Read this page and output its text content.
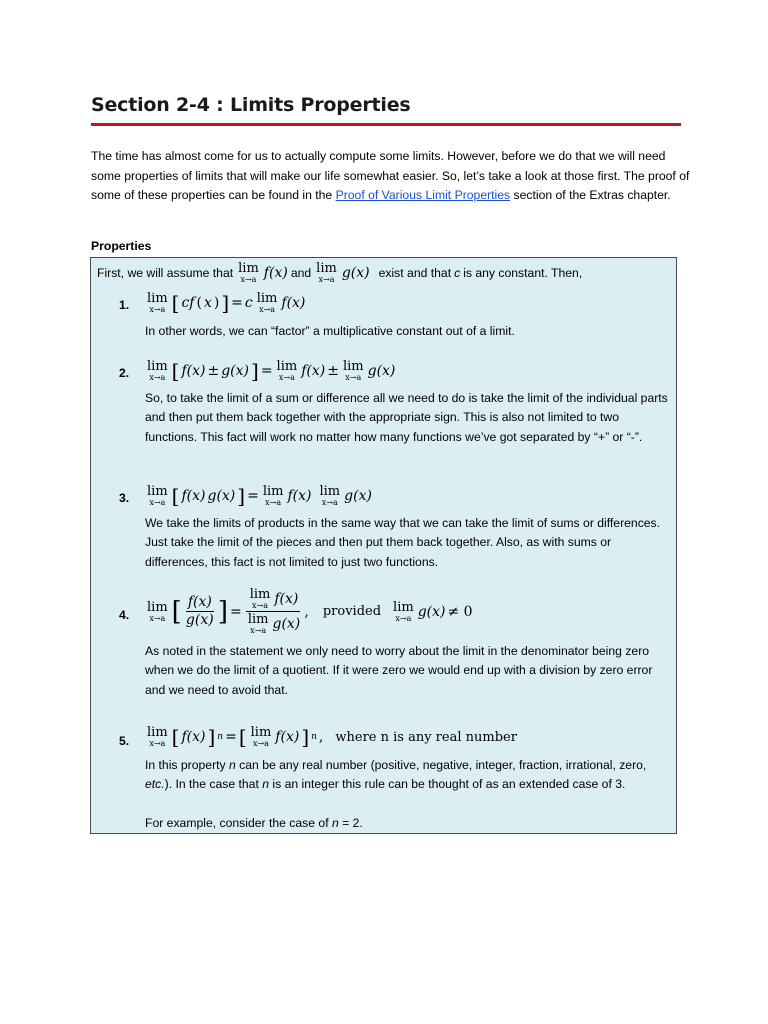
Section 2-4 : Limits Properties
The time has almost come for us to actually compute some limits. However, before we do that we will need some properties of limits that will make our life somewhat easier. So, let’s take a look at those first. The proof of some of these properties can be found in the Proof of Various Limit Properties section of the Extras chapter.
Properties
First, we will assume that lim
x→a f(x) and lim
x→a g(x) exist and that c is any constant. Then,
1. lim
x→a [ cf ( x ) ] = c lim
x→a f(x)
In other words, we can “factor” a multiplicative constant out of a limit.
2. lim
x→a [ f(x) ± g(x) ] = lim
x→a f(x) ± lim
x→a g(x)
So, to take the limit of a sum or difference all we need to do is take the limit of the individual parts and then put them back together with the appropriate sign. This is also not limited to two functions. This fact will work no matter how many functions we’ve got separated by “+” or “-”.
3. lim
x→a [ f(x) g(x) ] = lim
x→a f(x) lim
x→a g(x)
We take the limits of products in the same way that we can take the limit of sums or differences. Just take the limit of the pieces and then put them back together. Also, as with sums or differences, this fact is not limited to just two functions.
4.
lim
x→a [ $\frac{f(x)}{g(x)}$ ] = lim
x→a f(x)
lim
x→a g(x) , provided lim
x→a g(x) ≠ 0
As noted in the statement we only need to worry about the limit in the denominator being zero when we do the limit of a quotient. If it were zero we would end up with a division by zero error and we need to avoid that.
5.
lim
x→a [ f(x) ] n = [ lim
x→a f(x) ] n , where n is any real number
In this property n can be any real number (positive, negative, integer, fraction, irrational, zero, etc.). In the case that n is an integer this rule can be thought of as an extended case of 3.
For example, consider the case of n = 2.
